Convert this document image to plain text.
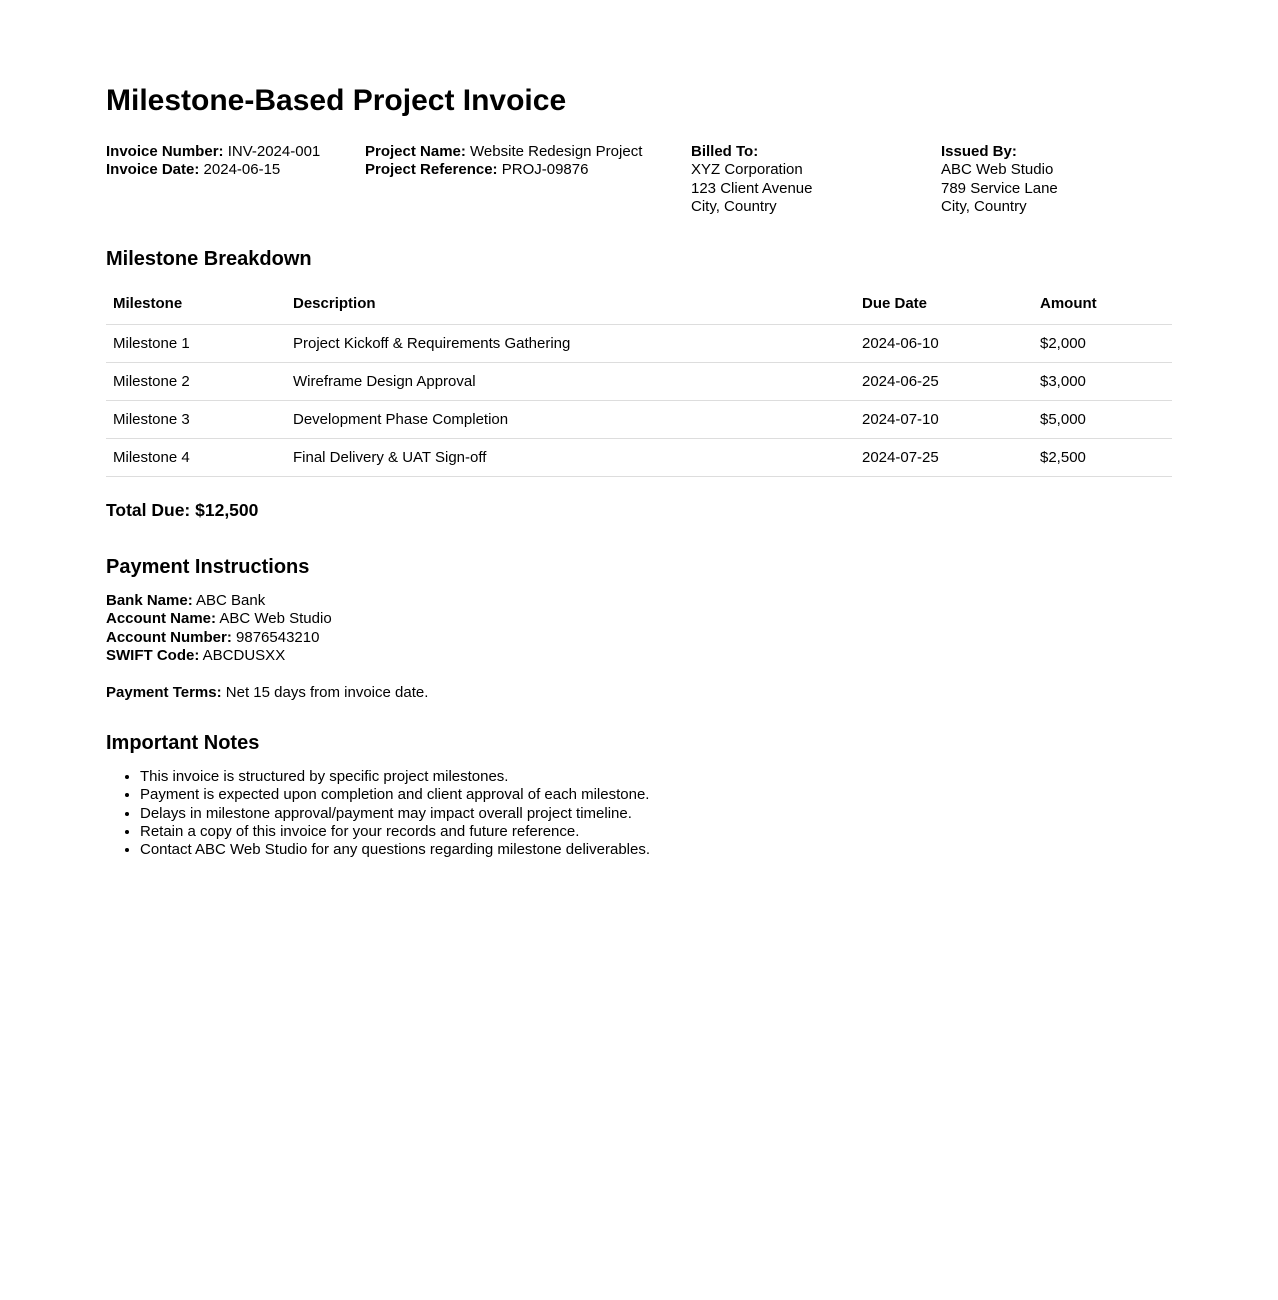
Milestone-Based Project Invoice

Invoice Number: INV-2024-001

Invoice Date: 2024-06-15

Project Name: Website Redesign Project

Project Reference: PROJ-09876

Billed To:

XYZ Corporation

123 Client Avenue

City, Country

Issued By:

ABC Web Studio

789 Service Lane

City, Country

Milestone Breakdown
Milestone	Description	Due Date	Amount
Milestone 1	Project Kickoff & Requirements Gathering	2024-06-10	$2,000
Milestone 2	Wireframe Design Approval	2024-06-25	$3,000
Milestone 3	Development Phase Completion	2024-07-10	$5,000
Milestone 4	Final Delivery & UAT Sign-off	2024-07-25	$2,500

Total Due: $12,500

Payment Instructions

Bank Name: ABC Bank

Account Name: ABC Web Studio

Account Number: 9876543210

SWIFT Code: ABCDUSXX

Payment Terms: Net 15 days from invoice date.

Important Notes
• This invoice is structured by specific project milestones.
• Payment is expected upon completion and client approval of each milestone.
• Delays in milestone approval/payment may impact overall project timeline.
• Retain a copy of this invoice for your records and future reference.
• Contact ABC Web Studio for any questions regarding milestone deliverables.
